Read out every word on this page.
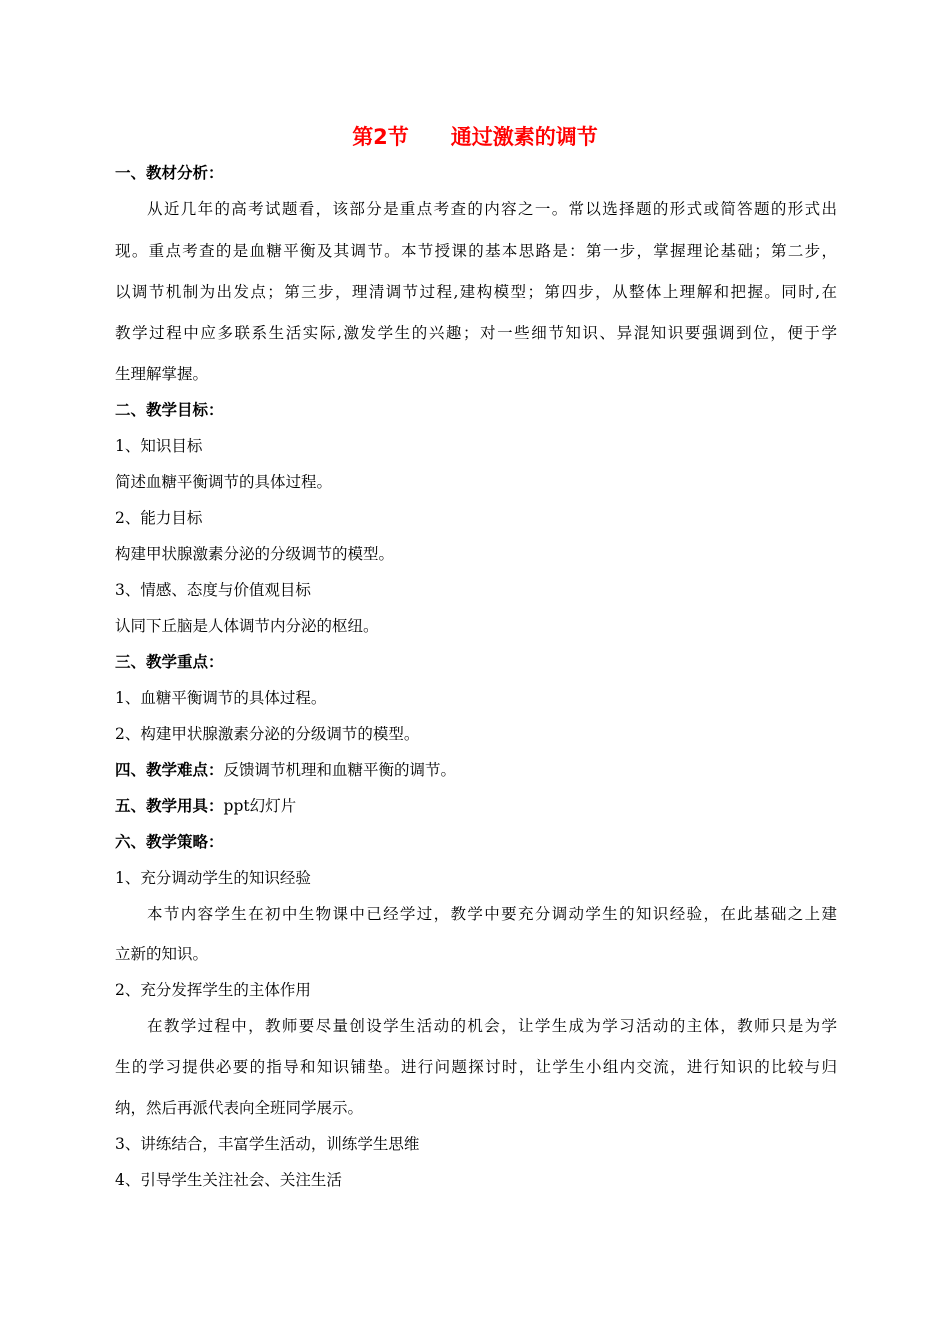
第2节　　通过激素的调节

一、教材分析：

从近几年的高考试题看，该部分是重点考查的内容之一。常以选择题的形式或简答题的形式出

现。重点考查的是血糖平衡及其调节。本节授课的基本思路是：第一步，掌握理论基础；第二步，

以调节机制为出发点；第三步，理清调节过程,建构模型；第四步，从整体上理解和把握。同时,在

教学过程中应多联系生活实际,激发学生的兴趣；对一些细节知识、异混知识要强调到位，便于学

生理解掌握。

二、教学目标：

1、知识目标

简述血糖平衡调节的具体过程。

2、能力目标

构建甲状腺激素分泌的分级调节的模型。

3、情感、态度与价值观目标

认同下丘脑是人体调节内分泌的枢纽。

三、教学重点：

1、血糖平衡调节的具体过程。

2、构建甲状腺激素分泌的分级调节的模型。

四、教学难点：反馈调节机理和血糖平衡的调节。

五、教学用具：ppt幻灯片

六、教学策略：

1、充分调动学生的知识经验

本节内容学生在初中生物课中已经学过，教学中要充分调动学生的知识经验，在此基础之上建

立新的知识。

2、充分发挥学生的主体作用

在教学过程中，教师要尽量创设学生活动的机会，让学生成为学习活动的主体，教师只是为学

生的学习提供必要的指导和知识铺垫。进行问题探讨时，让学生小组内交流，进行知识的比较与归

纳，然后再派代表向全班同学展示。

3、讲练结合，丰富学生活动，训练学生思维

4、引导学生关注社会、关注生活
